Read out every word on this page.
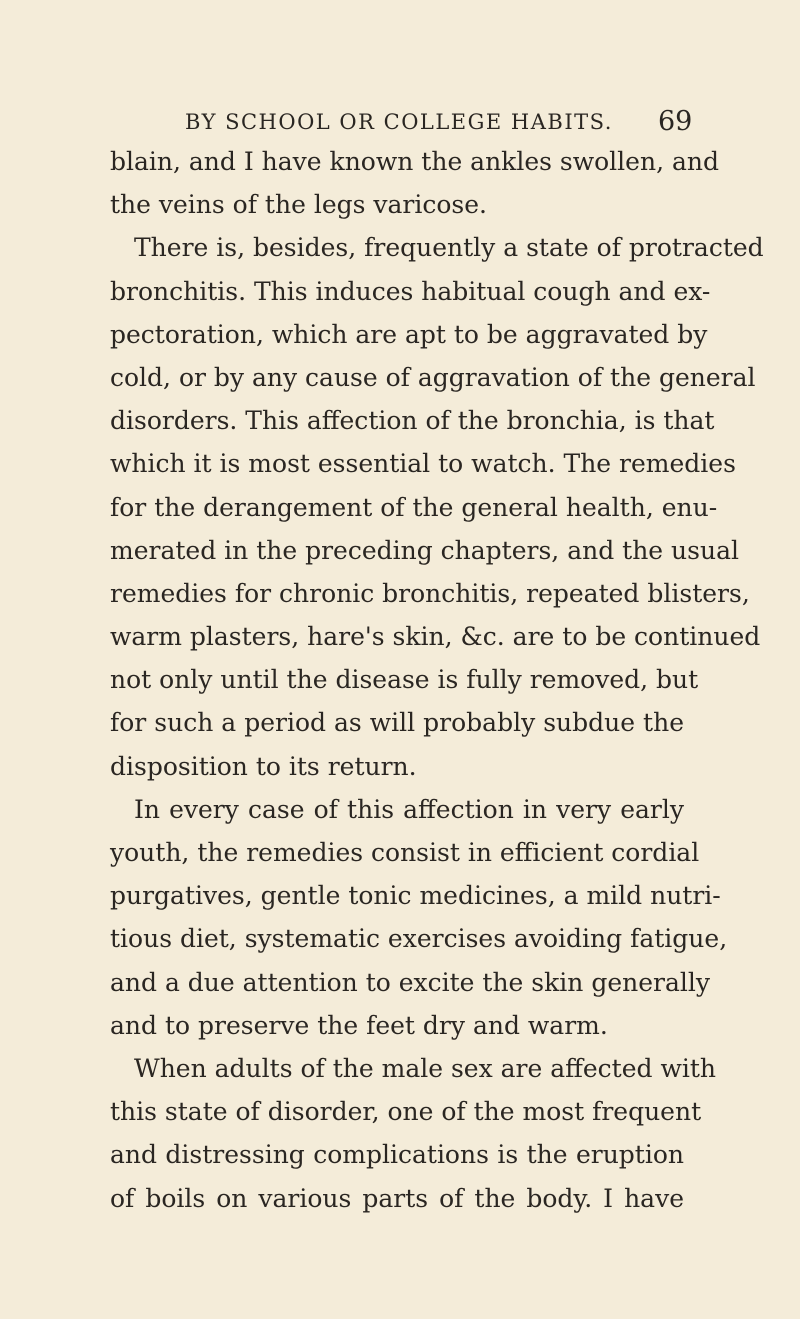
BY SCHOOL OR COLLEGE HABITS. 69
blain, and I have known the ankles swollen, and
the veins of the legs varicose.
There is, besides, frequently a state of protracted
bronchitis. This induces habitual cough and ex-
pectoration, which are apt to be aggravated by
cold, or by any cause of aggravation of the general
disorders. This affection of the bronchia, is that
which it is most essential to watch. The remedies
for the derangement of the general health, enu-
merated in the preceding chapters, and the usual
remedies for chronic bronchitis, repeated blisters,
warm plasters, hare's skin, &c. are to be continued
not only until the disease is fully removed, but
for such a period as will probably subdue the
disposition to its return.
In every case of this affection in very early
youth, the remedies consist in efficient cordial
purgatives, gentle tonic medicines, a mild nutri-
tious diet, systematic exercises avoiding fatigue,
and a due attention to excite the skin generally
and to preserve the feet dry and warm.
When adults of the male sex are affected with
this state of disorder, one of the most frequent
and distressing complications is the eruption
of boils on various parts of the body. I have
